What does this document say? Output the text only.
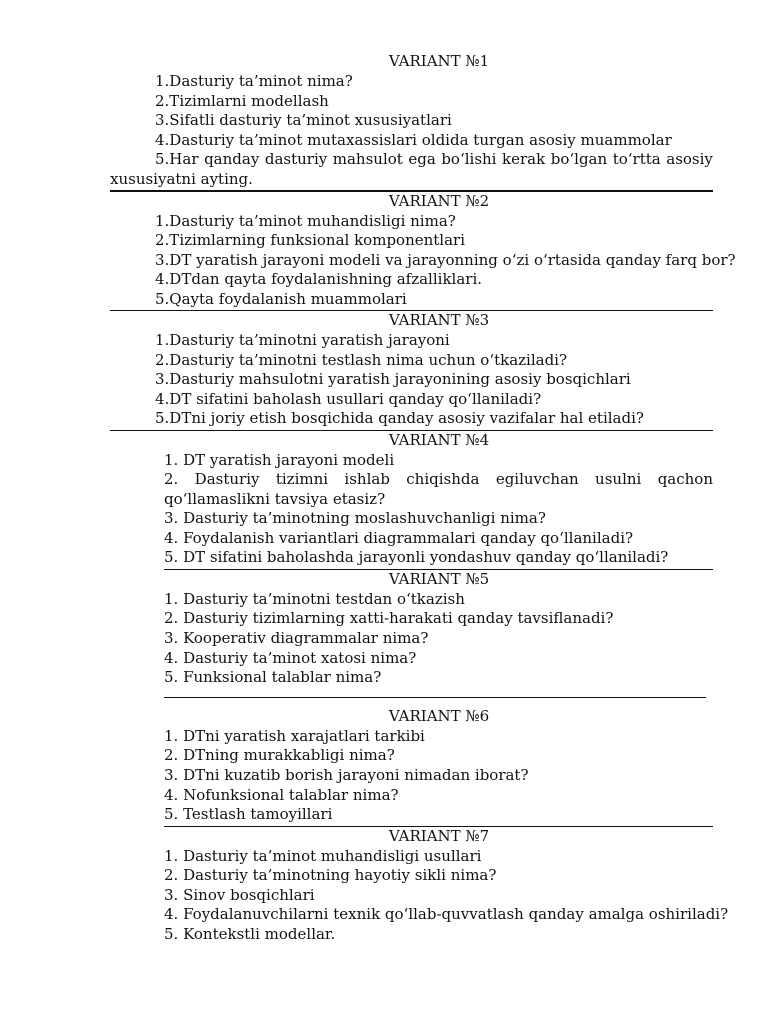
VARIANT №1
1.Dasturiy ta’minot nima?
2.Tizimlarni modellash
3.Sifatli dasturiy ta’minot xususiyatlari
4.Dasturiy ta’minot mutaxassislari oldida turgan asosiy muammolar
5.Har qanday dasturiy mahsulot ega bo‘lishi kerak bo‘lgan to‘rtta asosiy
xususiyatni ayting.
VARIANT №2
1.Dasturiy ta’minot muhandisligi nima?
2.Tizimlarning funksional komponentlari
3.DT yaratish jarayoni modeli va jarayonning o‘zi o‘rtasida qanday farq bor?
4.DTdan qayta foydalanishning afzalliklari.
5.Qayta foydalanish muammolari
VARIANT №3
1.Dasturiy ta’minotni yaratish jarayoni
2.Dasturiy ta’minotni testlash nima uchun o‘tkaziladi?
3.Dasturiy mahsulotni yaratish jarayonining asosiy bosqichlari
4.DT sifatini baholash usullari qanday qo‘llaniladi?
5.DTni joriy etish bosqichida qanday asosiy vazifalar hal etiladi?
VARIANT №4
1. DT yaratish jarayoni modeli
2. Dasturiy tizimni ishlab chiqishda egiluvchan usulni qachon
qo‘llamaslikni tavsiya etasiz?
3. Dasturiy ta’minotning moslashuvchanligi nima?
4. Foydalanish variantlari diagrammalari qanday qo‘llaniladi?
5. DT sifatini baholashda jarayonli yondashuv qanday qo‘llaniladi?
VARIANT №5
1. Dasturiy ta’minotni testdan o‘tkazish
2. Dasturiy tizimlarning xatti-harakati qanday tavsiflanadi?
3. Kooperativ diagrammalar nima?
4. Dasturiy ta’minot xatosi nima?
5. Funksional talablar nima?
VARIANT №6
1. DTni yaratish xarajatlari tarkibi
2. DTning murakkabligi nima?
3. DTni kuzatib borish jarayoni nimadan iborat?
4. Nofunksional talablar nima?
5. Testlash tamoyillari
VARIANT №7
1. Dasturiy ta’minot muhandisligi usullari
2. Dasturiy ta’minotning hayotiy sikli nima?
3. Sinov bosqichlari
4. Foydalanuvchilarni texnik qo‘llab-quvvatlash qanday amalga oshiriladi?
5. Kontekstli modellar.
